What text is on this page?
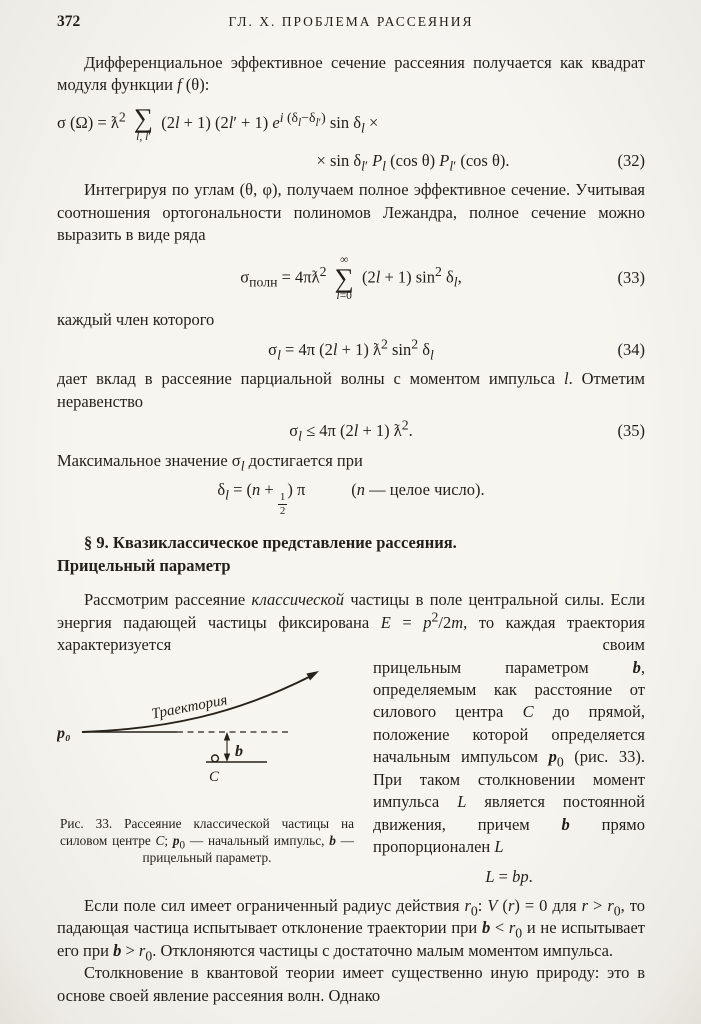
372	ГЛ. X. ПРОБЛЕМА РАССЕЯНИЯ

Дифференциальное эффективное сечение рассеяния получается как квадрат модуля функции f (θ):

σ $(\Omega) = ƛ^2$ ∑
l, l′
(2l + 1) (2l′ + 1) $e^{i (\delta_l-\delta_{l'})}$ $\sin \delta_l$ ×
× $\sin \delta_{l'}$ $P_l$ (cos θ) $P_{l'}$ (cos θ).	(32)

Интегрируя по углам (θ, φ), получаем полное эффективное сечение. Учитывая соотношения ортогональности полиномов Лежандра, полное сечение можно выразить в виде ряда

$\sigma_{полн}$ = $4\pi ƛ^2$
∞
∑
l=0
(2l + 1) $\sin^2 \delta_l$,	(33)

каждый член которого

$\sigma_l = 4\pi$ (2l + 1) $ƛ^2$ $\sin^2 \delta_l$	(34)

дает вклад в рассеяние парциальной волны с моментом импульса l. Отметим неравенство

$\sigma_l \le 4\pi$ (2l + 1) $ƛ^2$.	(35)

Максимальное значение $\sigma_l$ достигается при

$\delta_l = (n$ +
$\frac{1}{2}$
) π	(n — целое число).
§ 9. Квазиклассическое представление рассеяния.
Прицельный параметр

Рассмотрим рассеяние классической частицы в поле центральной силы. Если энергия падающей частицы фиксирована $E = p^2/2m$, то каждая траектория характеризуется своим

p₀
Траектория
b
C
Рис. 33. Рассеяние классической частицы на силовом центре C; $p_0$ — начальный импульс, b — прицельный параметр.

прицельным параметром b, определяемым как расстояние от силового центра C до прямой, положение которой определяется начальным импульсом $p_0$ (рис. 33). При таком столкновении момент импульса L является постоянной движения, причем b прямо пропорционален L

L = bp.

Если поле сил имеет ограниченный радиус действия $r_0$: V (r) = 0 для $r > r_0$, то падающая частица испытывает отклонение траектории при $b < r_0$ и не испытывает его при $b > r_0$. Отклоняются частицы с достаточно малым моментом импульса.

Столкновение в квантовой теории имеет существенно иную природу: это в основе своей явление рассеяния волн. Однако
